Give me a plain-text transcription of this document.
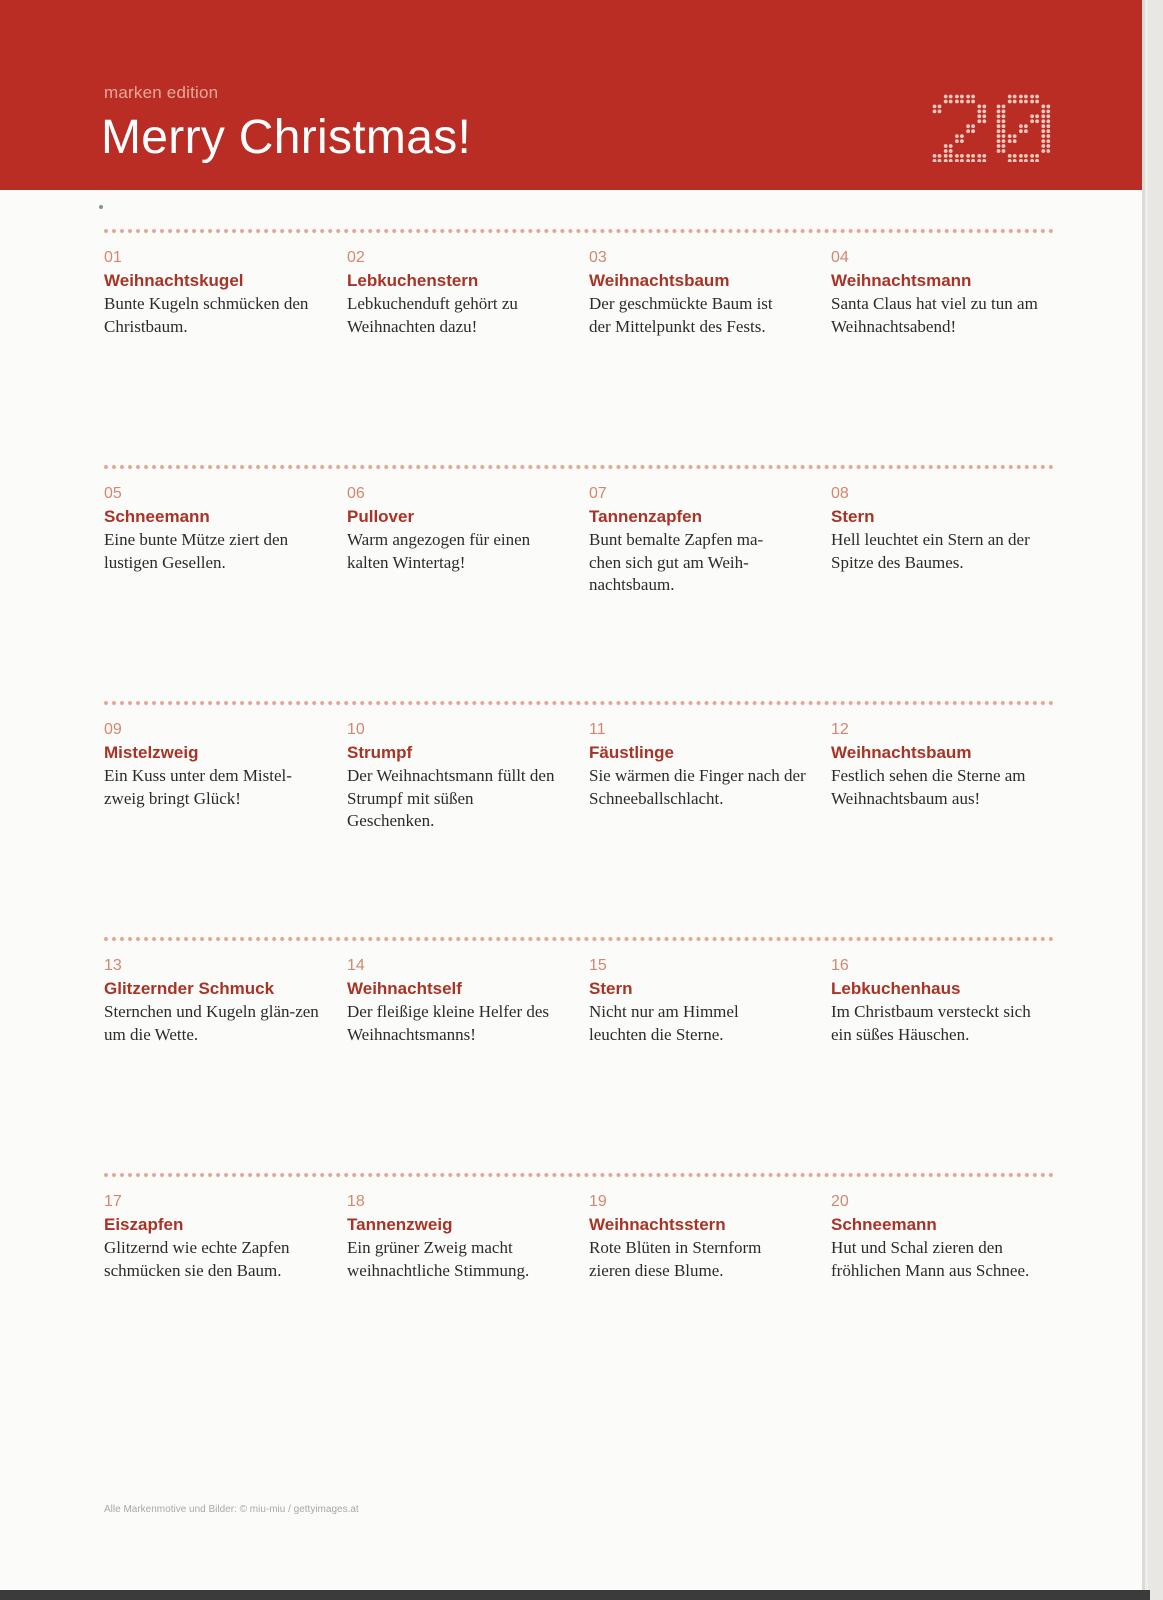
marken edition
Merry Christmas!
01
Weihnachtskugel
Bunte Kugeln schmücken den Christbaum.
02
Lebkuchenstern
Lebkuchenduft gehört zu Weihnachten dazu!
03
Weihnachtsbaum
Der geschmückte Baum ist der Mittelpunkt des Fests.
04
Weihnachtsmann
Santa Claus hat viel zu tun am Weihnachtsabend!
05
Schneemann
Eine bunte Mütze ziert den lustigen Gesellen.
06
Pullover
Warm angezogen für einen kalten Wintertag!
07
Tannenzapfen
Bunt bemalte Zapfen ma-chen sich gut am Weih-nachtsbaum.
08
Stern
Hell leuchtet ein Stern an der Spitze des Baumes.
09
Mistelzweig
Ein Kuss unter dem Mistel-zweig bringt Glück!
10
Strumpf
Der Weihnachtsmann füllt den Strumpf mit süßen Geschenken.
11
Fäustlinge
Sie wärmen die Finger nach der Schneeballschlacht.
12
Weihnachtsbaum
Festlich sehen die Sterne am Weihnachtsbaum aus!
13
Glitzernder Schmuck
Sternchen und Kugeln glän-zen um die Wette.
14
Weihnachtself
Der fleißige kleine Helfer des Weihnachtsmanns!
15
Stern
Nicht nur am Himmel leuchten die Sterne.
16
Lebkuchenhaus
Im Christbaum versteckt sich ein süßes Häuschen.
17
Eiszapfen
Glitzernd wie echte Zapfen schmücken sie den Baum.
18
Tannenzweig
Ein grüner Zweig macht weihnachtliche Stimmung.
19
Weihnachtsstern
Rote Blüten in Sternform zieren diese Blume.
20
Schneemann
Hut und Schal zieren den fröhlichen Mann aus Schnee.
Alle Markenmotive und Bilder: © miu-miu / gettyimages.at
